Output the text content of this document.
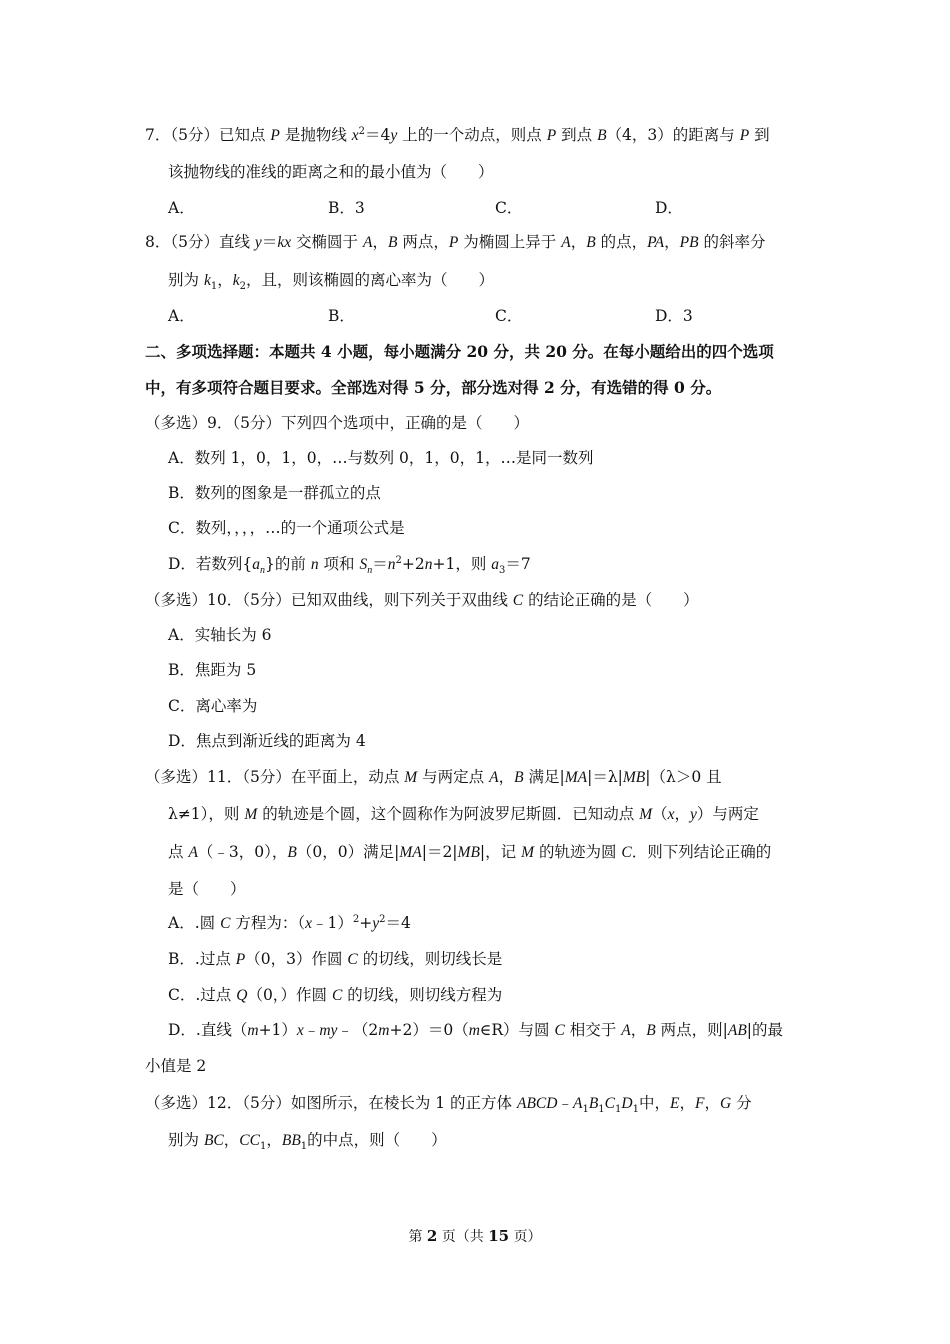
7．（5分）已知点 P 是抛物线 $x^2=4y$ 上的一个动点，则点 P 到点 B（4，3）的距离与 P 到
该抛物线的准线的距离之和的最小值为（　　）
A．	B．3	C．	D．
8．（5分）直线 y＝kx 交椭圆于 A，B 两点，P 为椭圆上异于 A，B 的点，PA，PB 的斜率分
别为 $k_1$，$k_2$，且，则该椭圆的离心率为（　　）
A．	B．	C．	D．3
二、多项选择题：本题共 4 小题，每小题满分 20 分，共 20 分。在每小题给出的四个选项
中，有多项符合题目要求。全部选对得 5 分，部分选对得 2 分，有选错的得 0 分。
（多选）9．（5分）下列四个选项中，正确的是（　　）
A．数列 1，0，1，0，…与数列 0，1，0，1，…是同一数列
B．数列的图象是一群孤立的点
C．数列，，，，…的一个通项公式是
D．若数列$\{a_n\}$的前 n 项和 $S_n=n^2+2n+1$，则 $a_3=7$
（多选）10．（5分）已知双曲线，则下列关于双曲线 C 的结论正确的是（　　）
A．实轴长为 6
B．焦距为 5
C．离心率为
D．焦点到渐近线的距离为 4
（多选）11．（5分）在平面上，动点 M 与两定点 A，B 满足|MA|＝λ|MB|（λ＞0 且
λ≠1），则 M 的轨迹是个圆，这个圆称作为阿波罗尼斯圆．已知动点 M（x，y）与两定
点 A（﹣3，0），B（0，0）满足|MA|＝2|MB|，记 M 的轨迹为圆 C．则下列结论正确的
是（　　）
A．.圆 C 方程为：$(x﹣1)^2+y^2=4$
B．.过点 P（0，3）作圆 C 的切线，则切线长是
C．.过点 Q（0，）作圆 C 的切线，则切线方程为
D．.直线（m+1）x﹣my﹣（2m+2）＝0（m∈R）与圆 C 相交于 A，B 两点，则|AB|的最
小值是 2
（多选）12．（5分）如图所示，在棱长为 1 的正方体 $ABCD﹣A_1B_1C_1D_1$中，E，F，G 分
别为 BC，$CC_1$，$BB_1$的中点，则（　　）
第 2 页（共 15 页）
